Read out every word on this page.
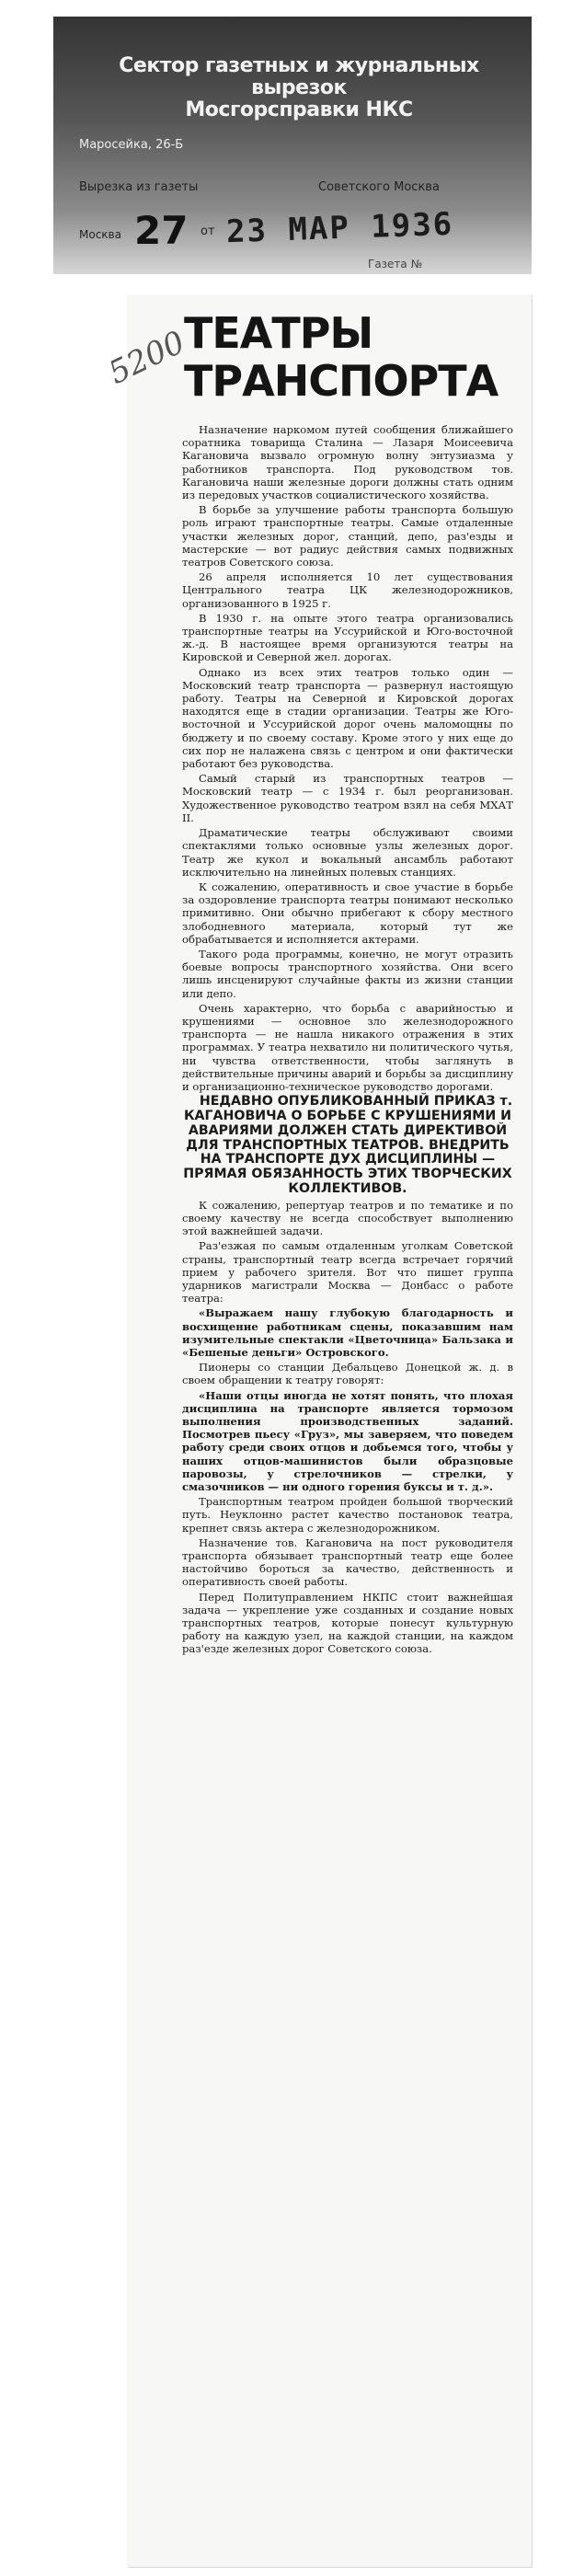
Сектор газетных и журнальных вырезок
Мосгорсправки НКС
Маросейка, 26-Б
Вырезка из газеты	Советского Москва
Москва 27 от 23 МАР 1936
Газета №
5200
ТЕАТРЫ
ТРАНСПОРТА

Назначение наркомом путей сообщения ближайшего соратника товарища Сталина — Лазаря Моисеевича Кагановича вызвало огромную волну энтузиазма у работников транспорта. Под руководством тов. Кагановича наши железные дороги должны стать одним из передовых участков социалистического хозяйства.

В борьбе за улучшение работы транспорта большую роль играют транспортные театры. Самые отдаленные участки железных дорог, станций, депо, раз'езды и мастерские — вот радиус действия самых подвижных театров Советского союза.

26 апреля исполняется 10 лет существования Центрального театра ЦК железнодорожников, организованного в 1925 г.

В 1930 г. на опыте этого театра организовались транспортные театры на Уссурийской и Юго-восточной ж.-д. В настоящее время организуются театры на Кировской и Северной жел. дорогах.

Однако из всех этих театров только один — Московский театр транспорта — развернул настоящую работу. Театры на Северной и Кировской дорогах находятся еще в стадии организации. Театры же Юго-восточной и Уссурийской дорог очень маломощны по бюджету и по своему составу. Кроме этого у них еще до сих пор не налажена связь с центром и они фактически работают без руководства.

Самый старый из транспортных театров — Московский театр — с 1934 г. был реорганизован. Художественное руководство театром взял на себя МХАТ II.

Драматические театры обслуживают своими спектаклями только основные узлы железных дорог. Театр же кукол и вокальный ансамбль работают исключительно на линейных полевых станциях.

К сожалению, оперативность и свое участие в борьбе за оздоровление транспорта театры понимают несколько примитивно. Они обычно прибегают к сбору местного злободневного материала, который тут же обрабатывается и исполняется актерами.

Такого рода программы, конечно, не могут отразить боевые вопросы транспортного хозяйства. Они всего лишь инсценируют случайные факты из жизни станции или депо.

Очень характерно, что борьба с аварийностью и крушениями — основное зло железнодорожного транспорта — не нашла никакого отражения в этих программах. У театра нехватило ни политического чутья, ни чувства ответственности, чтобы заглянуть в действительные причины аварий и борьбы за дисциплину и организационно-техническое руководство дорогами.

НЕДАВНО ОПУБЛИКОВАННЫЙ ПРИКАЗ т. КАГАНОВИЧА О БОРЬБЕ С КРУШЕНИЯМИ И АВАРИЯМИ ДОЛЖЕН СТАТЬ ДИРЕКТИВОЙ ДЛЯ ТРАНСПОРТНЫХ ТЕАТРОВ. ВНЕДРИТЬ НА ТРАНСПОРТЕ ДУХ ДИСЦИПЛИНЫ — ПРЯМАЯ ОБЯЗАННОСТЬ ЭТИХ ТВОРЧЕСКИХ КОЛЛЕКТИВОВ.

К сожалению, репертуар театров и по тематике и по своему качеству не всегда способствует выполнению этой важнейшей задачи.

Раз'езжая по самым отдаленным уголкам Советской страны, транспортный театр всегда встречает горячий прием у рабочего зрителя. Вот что пишет группа ударников магистрали Москва — Донбасс о работе театра:

«Выражаем нашу глубокую благодарность и восхищение работникам сцены, показавшим нам изумительные спектакли «Цветочница» Бальзака и «Бешеные деньги» Островского.

Пионеры со станции Дебальцево Донецкой ж. д. в своем обращении к театру говорят:

«Наши отцы иногда не хотят понять, что плохая дисциплина на транспорте является тормозом выполнения производственных заданий. Посмотрев пьесу «Груз», мы заверяем, что поведем работу среди своих отцов и добьемся того, чтобы у наших отцов-машинистов были образцовые паровозы, у стрелочников — стрелки, у смазочников — ни одного горения буксы и т. д.».

Транспортным театром пройден большой творческий путь. Неуклонно растет качество постановок театра, крепнет связь актера с железнодорожником.

Назначение тов. Кагановича на пост руководителя транспорта обязывает транспортный театр еще более настойчиво бороться за качество, действенность и оперативность своей работы.

Перед Политуправлением НКПС стоит важнейшая задача — укрепление уже созданных и создание новых транспортных театров, которые понесут культурную работу на каждую узел, на каждой станции, на каждом раз'езде железных дорог Советского союза.
